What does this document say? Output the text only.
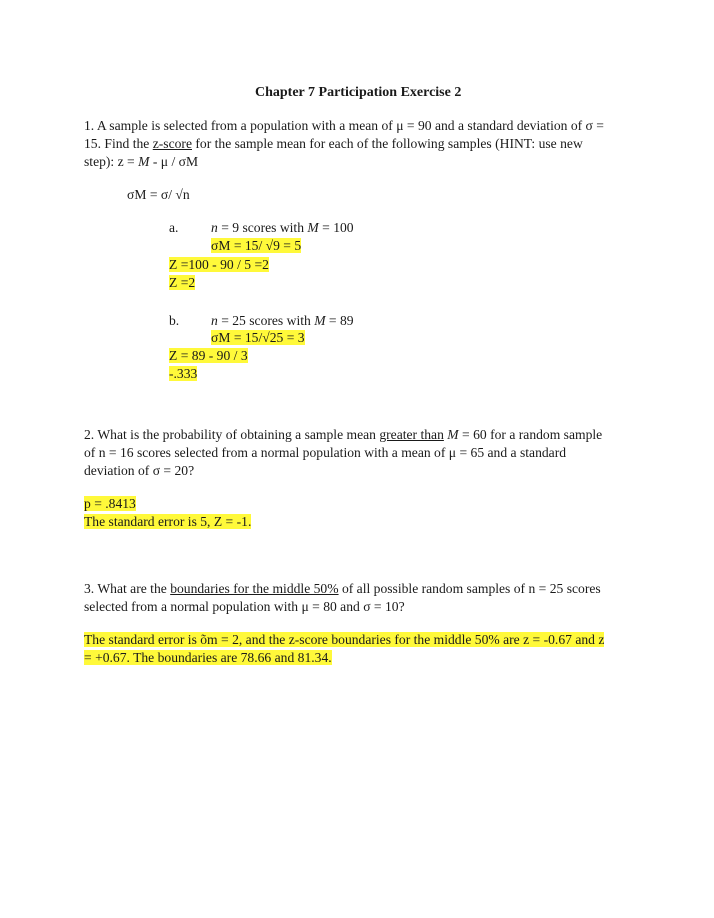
Chapter 7 Participation Exercise 2
1. A sample is selected from a population with a mean of μ = 90 and a standard deviation of σ =
15. Find the z-score for the sample mean for each of the following samples (HINT: use new
step): z = M - μ / σM
σM = σ/ √n
a. n = 9 scores with M = 100
σM = 15/ √9 = 5
Z =100 - 90 / 5 =2
Z =2
b. n = 25 scores with M = 89
σM = 15/√25 = 3
Z = 89 - 90 / 3
-.333
2. What is the probability of obtaining a sample mean greater than M = 60 for a random sample
of n = 16 scores selected from a normal population with a mean of μ = 65 and a standard
deviation of σ = 20?
p = .8413
The standard error is 5, Z = -1.
3. What are the boundaries for the middle 50% of all possible random samples of n = 25 scores
selected from a normal population with μ = 80 and σ = 10?
The standard error is õm = 2, and the z-score boundaries for the middle 50% are z = -0.67 and z
= +0.67. The boundaries are 78.66 and 81.34.
